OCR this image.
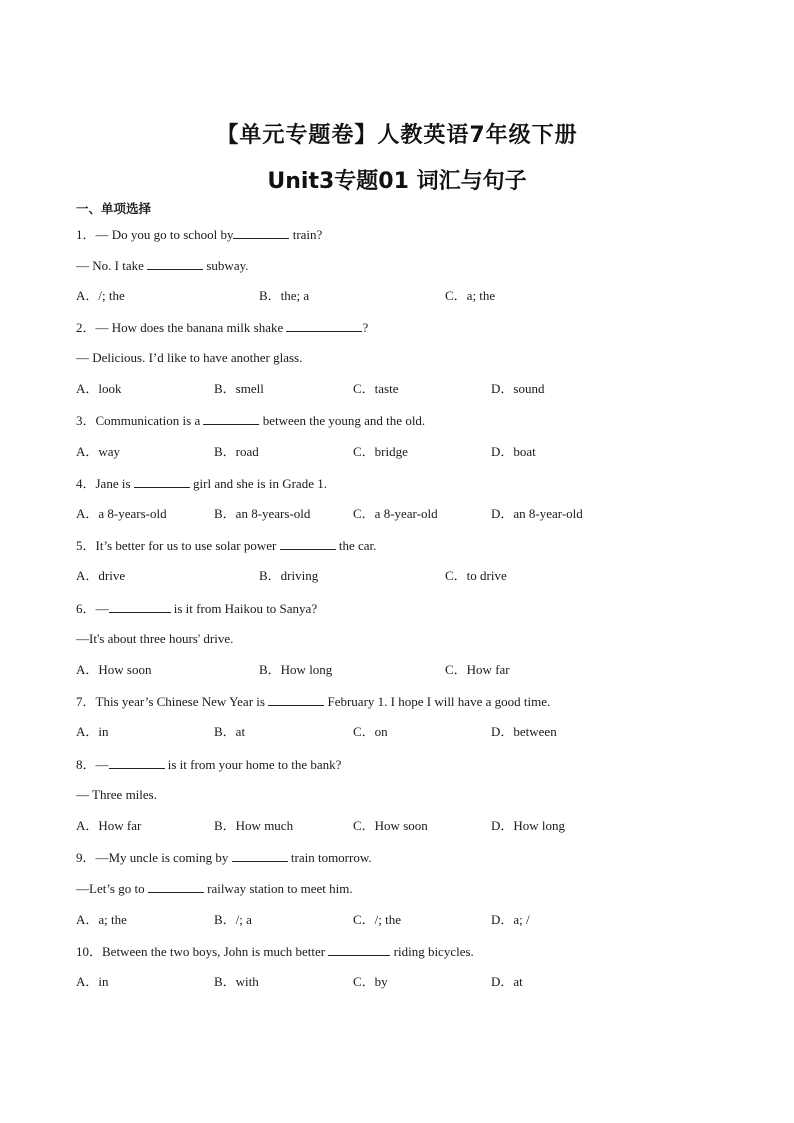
【单元专题卷】人教英语7年级下册
Unit3专题01 词汇与句子
一、单项选择
1．— Do you go to school by	train?
— No. I take	subway.
A．/; the	B．the; a	C．a; the
2．— How does the banana milk shake	?
— Delicious. I’d like to have another glass.
A．look	B．smell	C．taste	D．sound
3．Communication is a	between the young and the old.
A．way	B．road	C．bridge	D．boat
4．Jane is	girl and she is in Grade 1.
A．a 8-years-old	B．an 8-years-old	C．a 8-year-old	D．an 8-year-old
5．It’s better for us to use solar power	the car.
A．drive	B．driving	C．to drive
6．—	is it from Haikou to Sanya?
—It's about three hours' drive.
A．How soon	B．How long	C．How far
7．This year’s Chinese New Year is	February 1. I hope I will have a good time.
A．in	B．at	C．on	D．between
8．—	is it from your home to the bank?
— Three miles.
A．How far	B．How much	C．How soon	D．How long
9．—My uncle is coming by	train tomorrow.
—Let’s go to	railway station to meet him.
A．a; the	B．/; a	C．/; the	D．a; /
10．Between the two boys, John is much better	riding bicycles.
A．in	B．with	C．by	D．at
